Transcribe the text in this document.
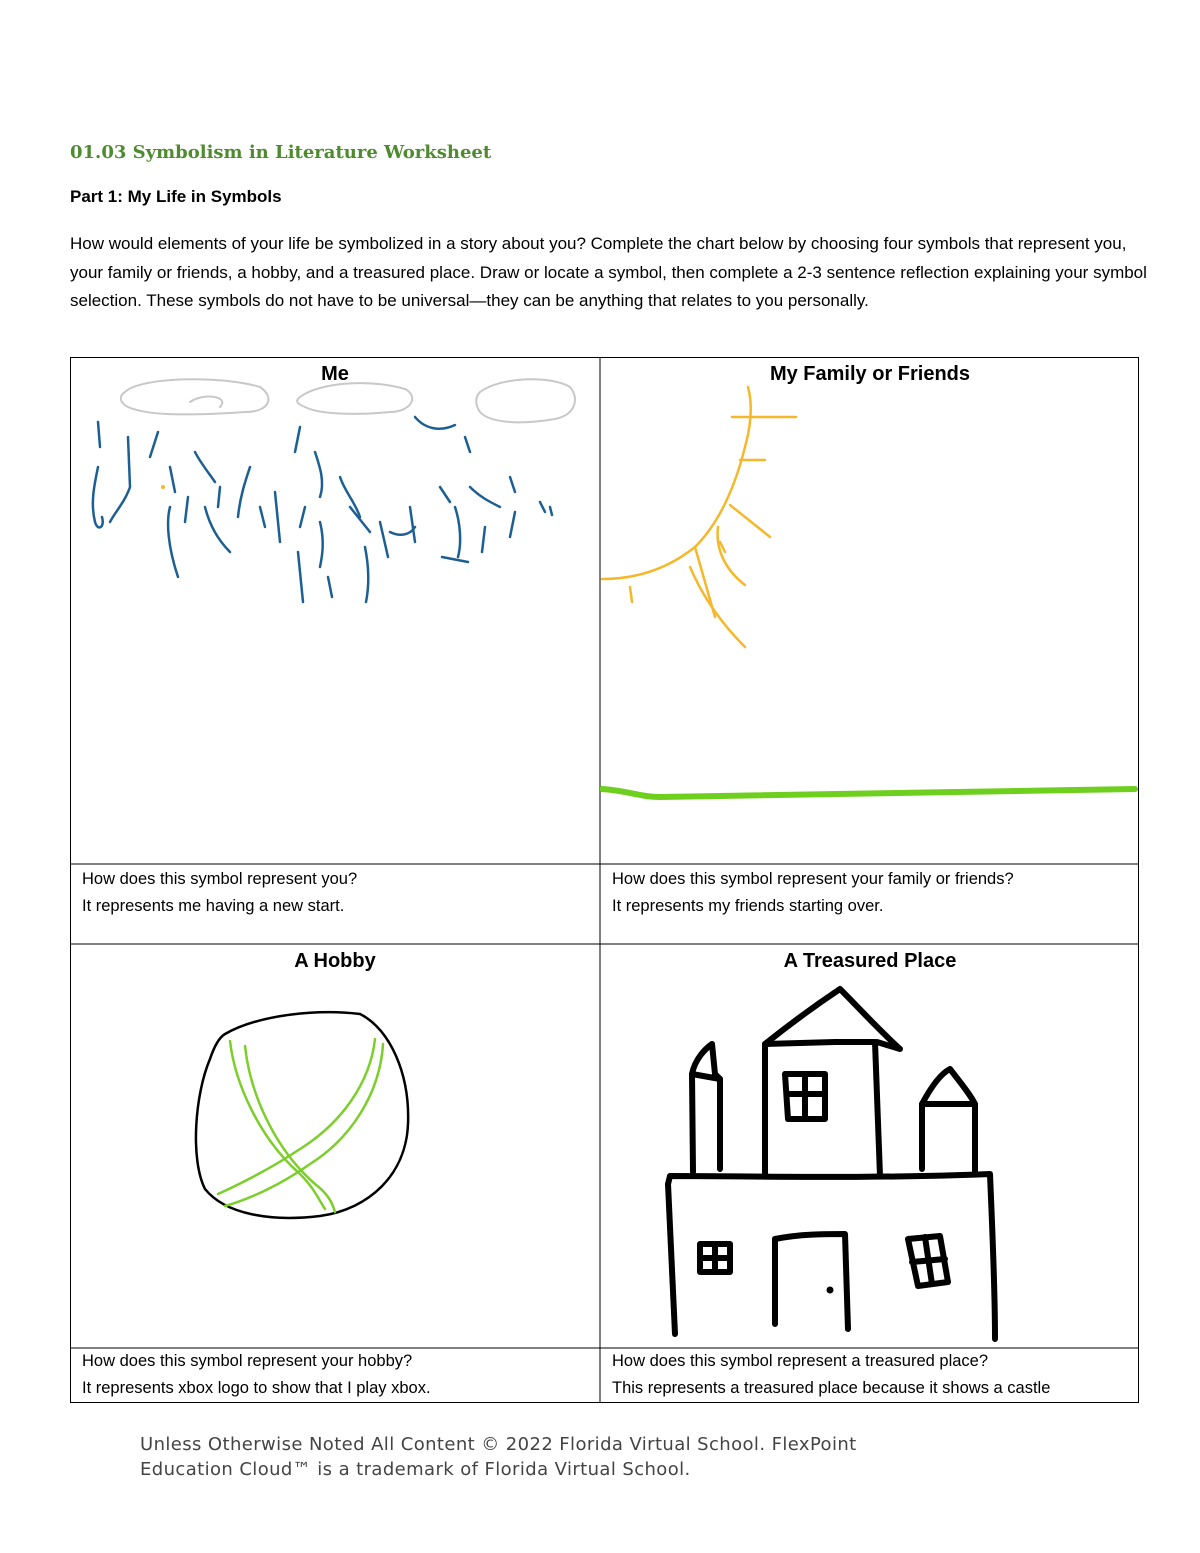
01.03 Symbolism in Literature Worksheet
Part 1: My Life in Symbols
How would elements of your life be symbolized in a story about you? Complete the chart below by choosing four symbols that represent you, your family or friends, a hobby, and a treasured place. Draw or locate a symbol, then complete a 2-3 sentence reflection explaining your symbol selection. These symbols do not have to be universal—they can be anything that relates to you personally.
Me
How does this symbol represent you?
It represents me having a new start.
My Family or Friends
How does this symbol represent your family or friends?
It represents my friends starting over.
A Hobby
How does this symbol represent your hobby?
It represents xbox logo to show that I play xbox.
A Treasured Place
How does this symbol represent a treasured place?
This represents a treasured place because it shows a castle
Unless Otherwise Noted All Content © 2022 Florida Virtual School. FlexPoint
Education Cloud™ is a trademark of Florida Virtual School.
